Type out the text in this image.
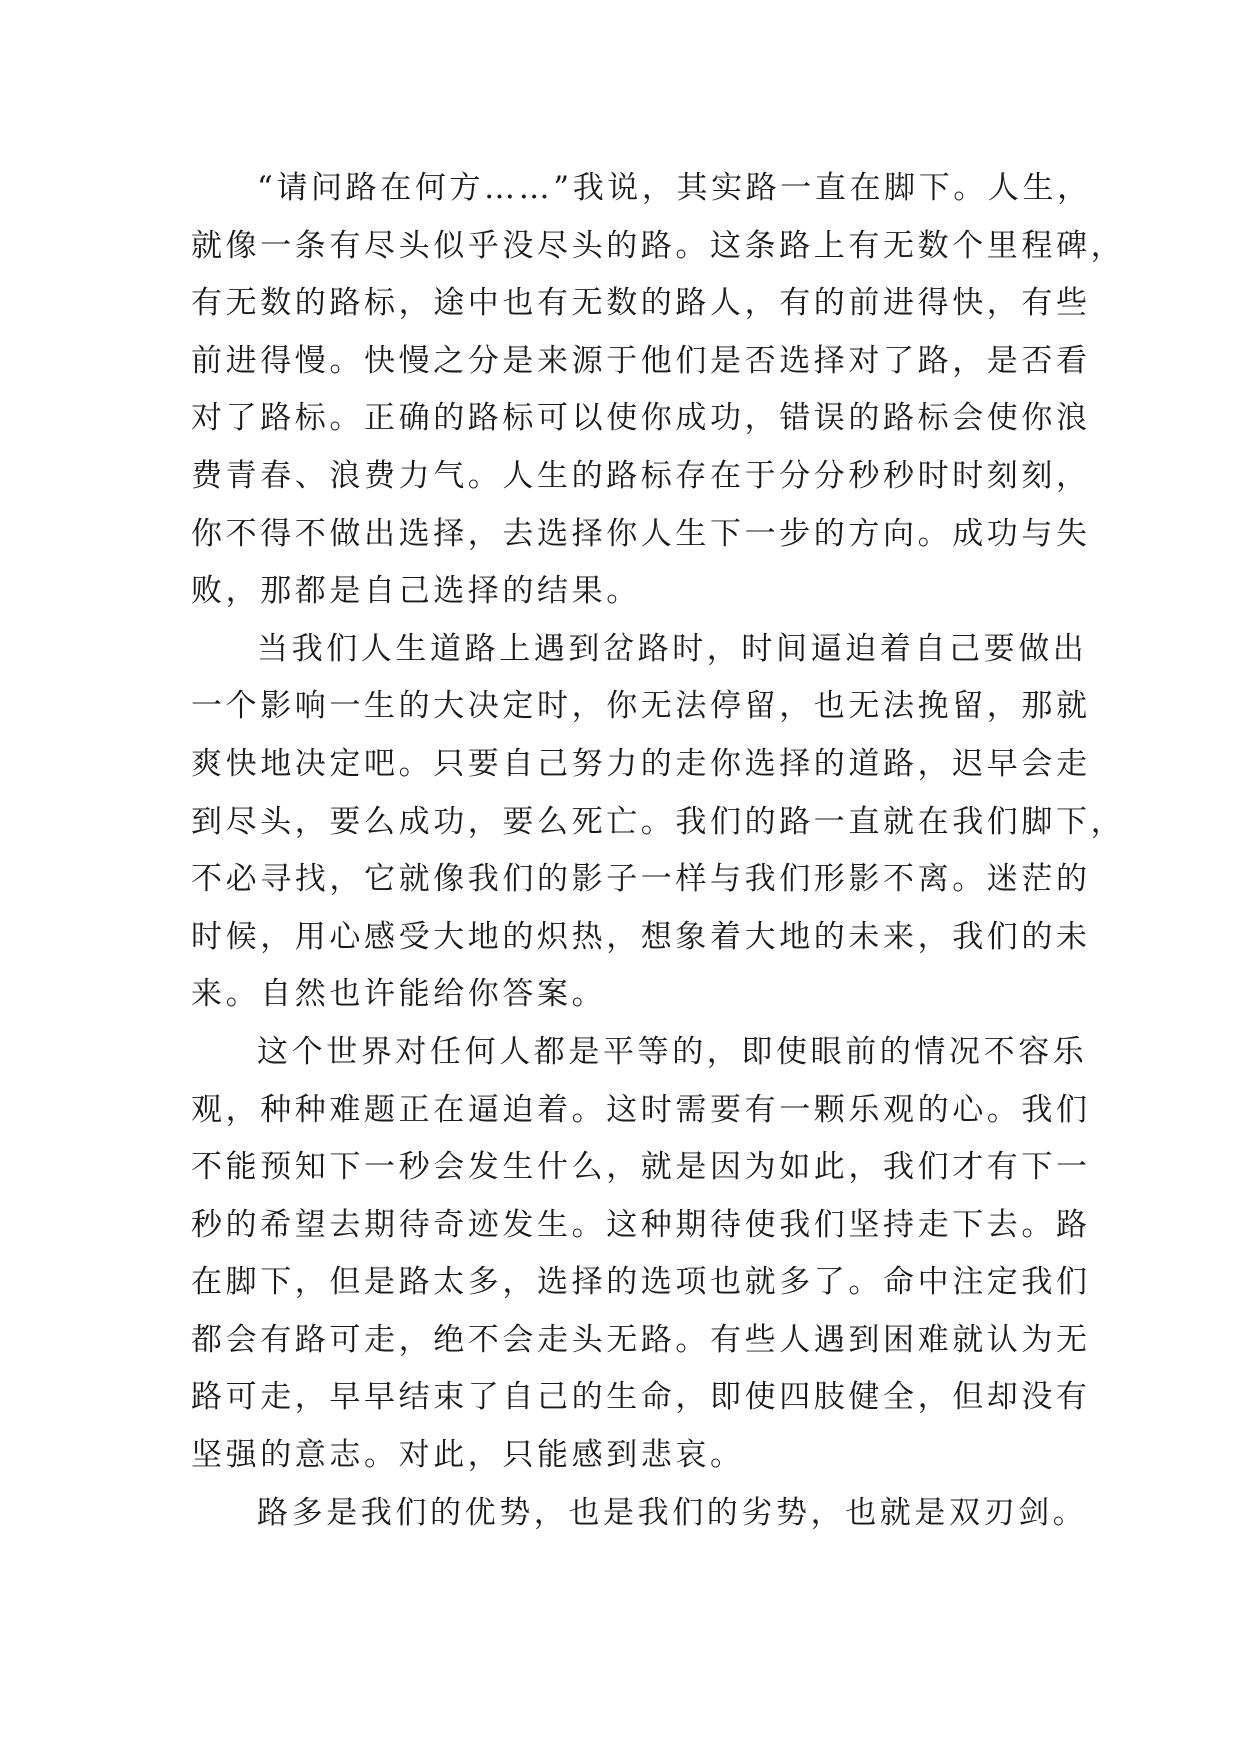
“请问路在何方……”我说，其实路一直在脚下。人生，
就像一条有尽头似乎没尽头的路。这条路上有无数个里程碑，
有无数的路标，途中也有无数的路人，有的前进得快，有些
前进得慢。快慢之分是来源于他们是否选择对了路，是否看
对了路标。正确的路标可以使你成功，错误的路标会使你浪
费青春、浪费力气。人生的路标存在于分分秒秒时时刻刻，
你不得不做出选择，去选择你人生下一步的方向。成功与失
败，那都是自己选择的结果。
当我们人生道路上遇到岔路时，时间逼迫着自己要做出
一个影响一生的大决定时，你无法停留，也无法挽留，那就
爽快地决定吧。只要自己努力的走你选择的道路，迟早会走
到尽头，要么成功，要么死亡。我们的路一直就在我们脚下，
不必寻找，它就像我们的影子一样与我们形影不离。迷茫的
时候，用心感受大地的炽热，想象着大地的未来，我们的未
来。自然也许能给你答案。
这个世界对任何人都是平等的，即使眼前的情况不容乐
观，种种难题正在逼迫着。这时需要有一颗乐观的心。我们
不能预知下一秒会发生什么，就是因为如此，我们才有下一
秒的希望去期待奇迹发生。这种期待使我们坚持走下去。路
在脚下，但是路太多，选择的选项也就多了。命中注定我们
都会有路可走，绝不会走头无路。有些人遇到困难就认为无
路可走，早早结束了自己的生命，即使四肢健全，但却没有
坚强的意志。对此，只能感到悲哀。
路多是我们的优势，也是我们的劣势，也就是双刃剑。
